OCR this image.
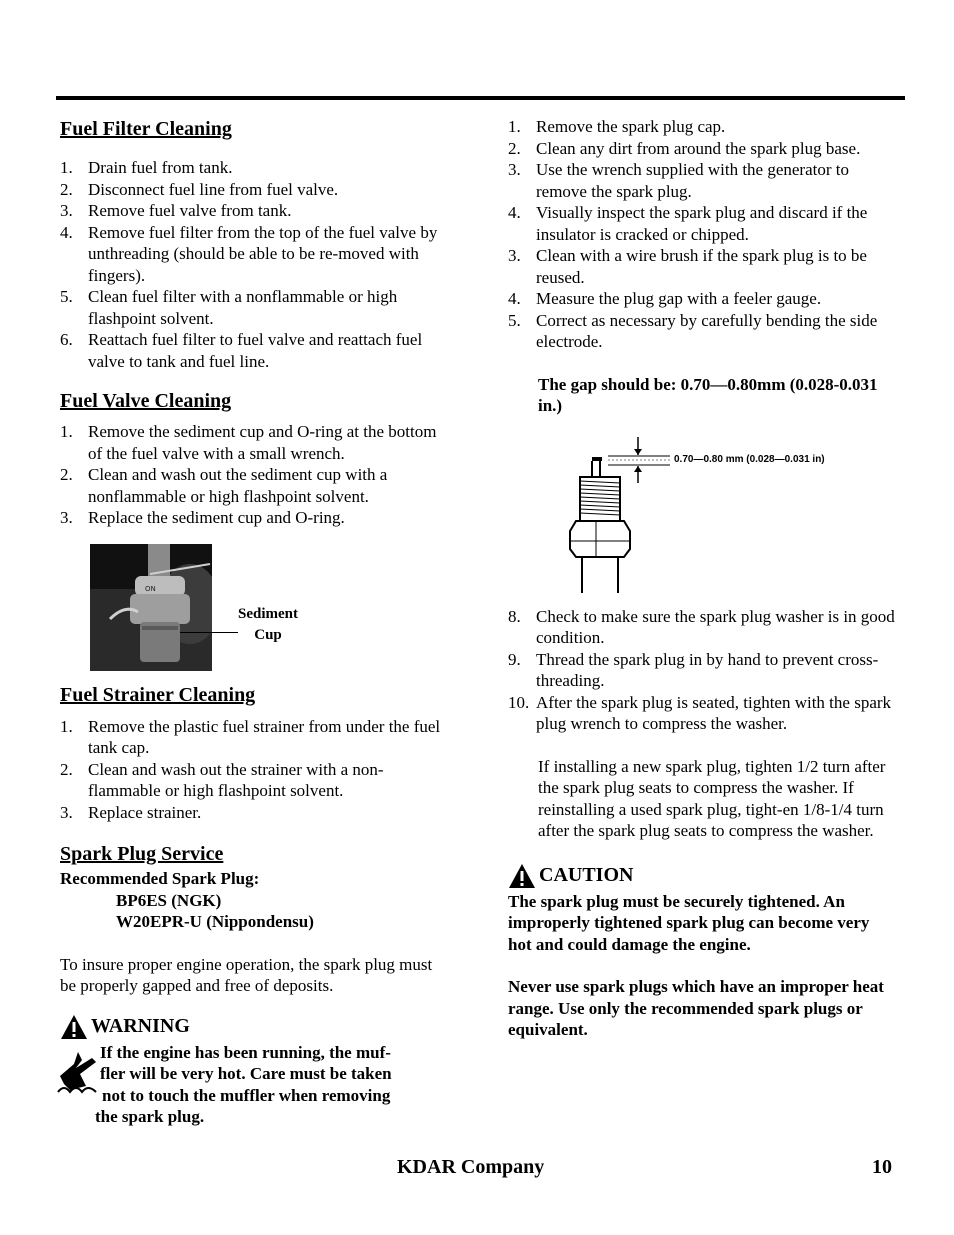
Fuel Filter Cleaning
1. Drain fuel from tank.
2. Disconnect fuel line from fuel valve.
3. Remove fuel valve from tank.
4. Remove fuel filter from the top of the fuel valve by unthreading (should be able to be re-moved with fingers).
5. Clean fuel filter with a nonflammable or high flashpoint solvent.
6. Reattach fuel filter to fuel valve and reattach fuel valve to tank and fuel line.
Fuel Valve Cleaning
1. Remove the sediment cup and O-ring at the bottom of the fuel valve with a small wrench.
2. Clean and wash out the sediment cup with a nonflammable or high flashpoint solvent.
3. Replace the sediment cup and O-ring.
ON
Sediment
Cup
Fuel Strainer Cleaning
1. Remove the plastic fuel strainer from under the fuel tank cap.
2. Clean and wash out the strainer with a non-flammable or high flashpoint solvent.
3. Replace strainer.
Spark Plug Service

Recommended Spark Plug:

BP6ES (NGK)

W20EPR-U (Nippondensu)

To insure proper engine operation, the spark plug must be properly gapped and free of deposits.

WARNING

If the engine has been running, the muf-

fler will be very hot. Care must be taken

not to touch the muffler when removing

the spark plug.

1. Remove the spark plug cap.
2. Clean any dirt from around the spark plug base.
3. Use the wrench supplied with the generator to remove the spark plug.
4. Visually inspect the spark plug and discard if the insulator is cracked or chipped.
3. Clean with a wire brush if the spark plug is to be reused.
4. Measure the plug gap with a feeler gauge.
5. Correct as necessary by carefully bending the side electrode.

The gap should be: 0.70—0.80mm (0.028-0.031 in.)

0.70—0.80 mm (0.028—0.031 in)
8. Check to make sure the spark plug washer is in good condition.
9. Thread the spark plug in by hand to prevent cross-threading.
10. After the spark plug is seated, tighten with the spark plug wrench to compress the washer.

If installing a new spark plug, tighten 1/2 turn after the spark plug seats to compress the washer. If reinstalling a used spark plug, tight-en 1/8-1/4 turn after the spark plug seats to compress the washer.

CAUTION

The spark plug must be securely tightened. An improperly tightened spark plug can become very hot and could damage the engine.

Never use spark plugs which have an improper heat range. Use only the recommended spark plugs or equivalent.

KDAR Company	10
